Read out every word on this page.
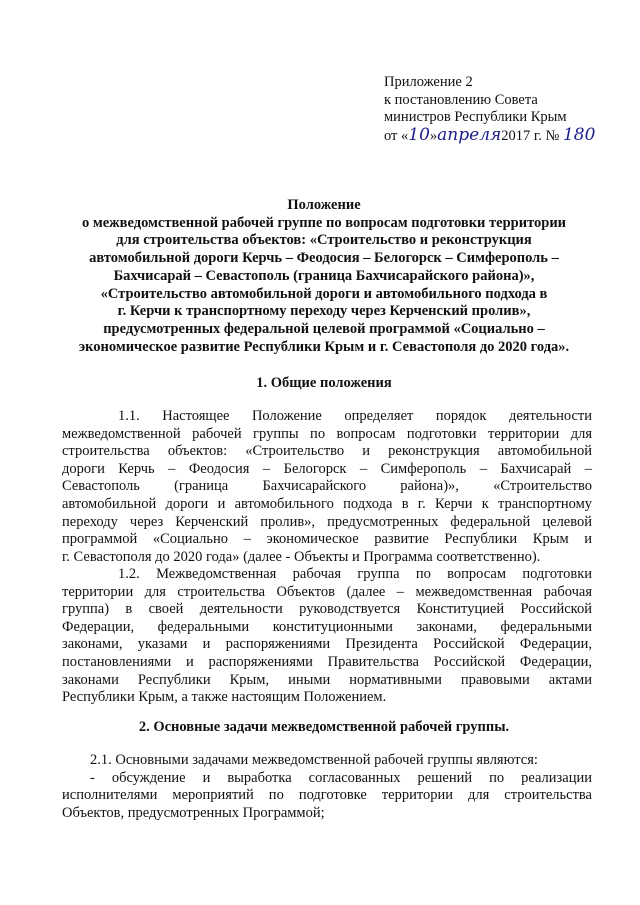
Приложение 2
к постановлению Совета
министров Республики Крым
от «10»апреля2017 г. № 180
Положение
о межведомственной рабочей группе по вопросам подготовки территории
для строительства объектов: «Строительство и реконструкция
автомобильной дороги Керчь – Феодосия – Белогорск – Симферополь –
Бахчисарай – Севастополь (граница Бахчисарайского района)»,
«Строительство автомобильной дороги и автомобильного подхода в
г. Керчи к транспортному переходу через Керченский пролив»,
предусмотренных федеральной целевой программой «Социально –
экономическое развитие Республики Крым и г. Севастополя до 2020 года».
1. Общие положения
1.1. Настоящее Положение определяет порядок деятельности
межведомственной рабочей группы по вопросам подготовки территории для
строительства объектов: «Строительство и реконструкция автомобильной
дороги Керчь – Феодосия – Белогорск – Симферополь – Бахчисарай –
Севастополь (граница Бахчисарайского района)», «Строительство
автомобильной дороги и автомобильного подхода в г. Керчи к транспортному
переходу через Керченский пролив», предусмотренных федеральной целевой
программой «Социально – экономическое развитие Республики Крым и
г. Севастополя до 2020 года» (далее - Объекты и Программа соответственно).
1.2. Межведомственная рабочая группа по вопросам подготовки
территории для строительства Объектов (далее – межведомственная рабочая
группа) в своей деятельности руководствуется Конституцией Российской
Федерации, федеральными конституционными законами, федеральными
законами, указами и распоряжениями Президента Российской Федерации,
постановлениями и распоряжениями Правительства Российской Федерации,
законами Республики Крым, иными нормативными правовыми актами
Республики Крым, а также настоящим Положением.
2. Основные задачи межведомственной рабочей группы.
2.1. Основными задачами межведомственной рабочей группы являются:
- обсуждение и выработка согласованных решений по реализации
исполнителями мероприятий по подготовке территории для строительства
Объектов, предусмотренных Программой;
